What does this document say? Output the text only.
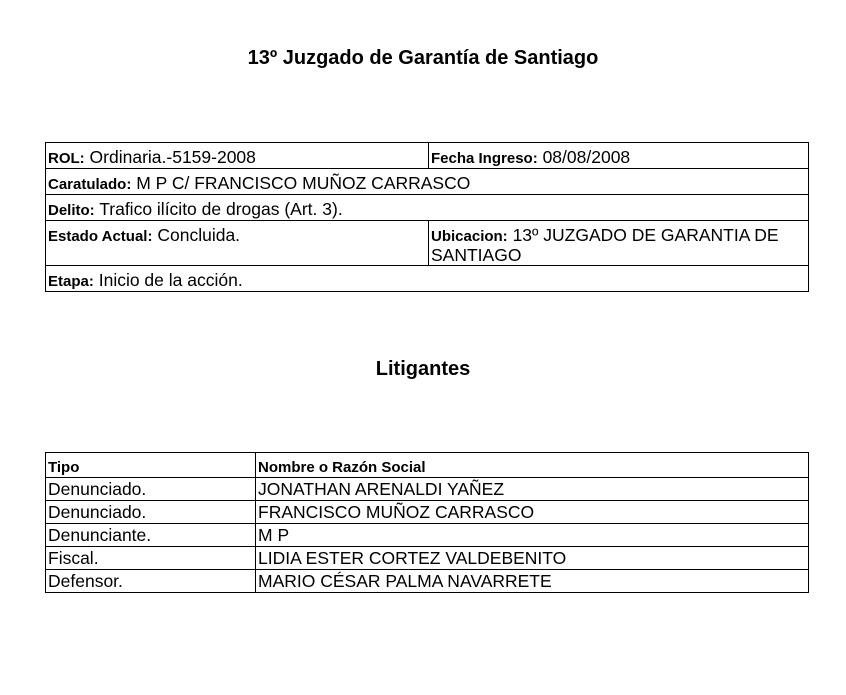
13º Juzgado de Garantía de Santiago
ROL: Ordinaria.-5159-2008	Fecha Ingreso: 08/08/2008
Caratulado: M P C/ FRANCISCO MUÑOZ CARRASCO	
Delito: Trafico ilícito de drogas (Art. 3).	
Estado Actual: Concluida.	Ubicacion: 13º JUZGADO DE GARANTIA DE SANTIAGO
Etapa: Inicio de la acción.	
Litigantes
Tipo	Nombre o Razón Social
Denunciado.	JONATHAN ARENALDI YAÑEZ
Denunciado.	FRANCISCO MUÑOZ CARRASCO
Denunciante.	M P
Fiscal.	LIDIA ESTER CORTEZ VALDEBENITO
Defensor.	MARIO CÉSAR PALMA NAVARRETE
